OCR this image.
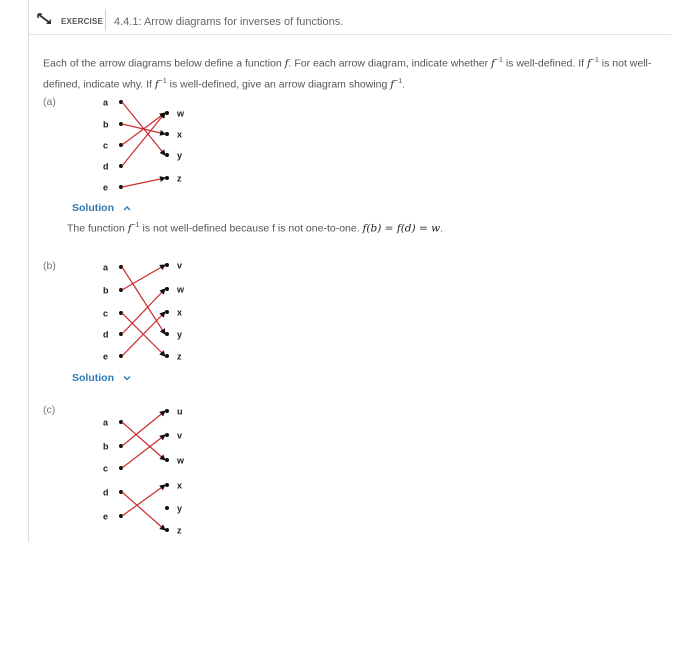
EXERCISE 4.4.1: Arrow diagrams for inverses of functions.
Each of the arrow diagrams below define a function f. For each arrow diagram, indicate whether $f^{-1}$ is well-defined. If $f^{-1}$ is not well-defined, indicate why. If $f^{-1}$ is well-defined, give an arrow diagram showing $f^{-1}$.
(a)	a
b
c
d
e
w
x
y
z
Solution
The function $f^{-1}$ is not well-defined because f is not one-to-one. f(b) = f(d) = w.
(b)	a
b
c
d
e
v
w
x
y
z
Solution
(c)
a
b
c
d
e
u
v
w
x
y
z
